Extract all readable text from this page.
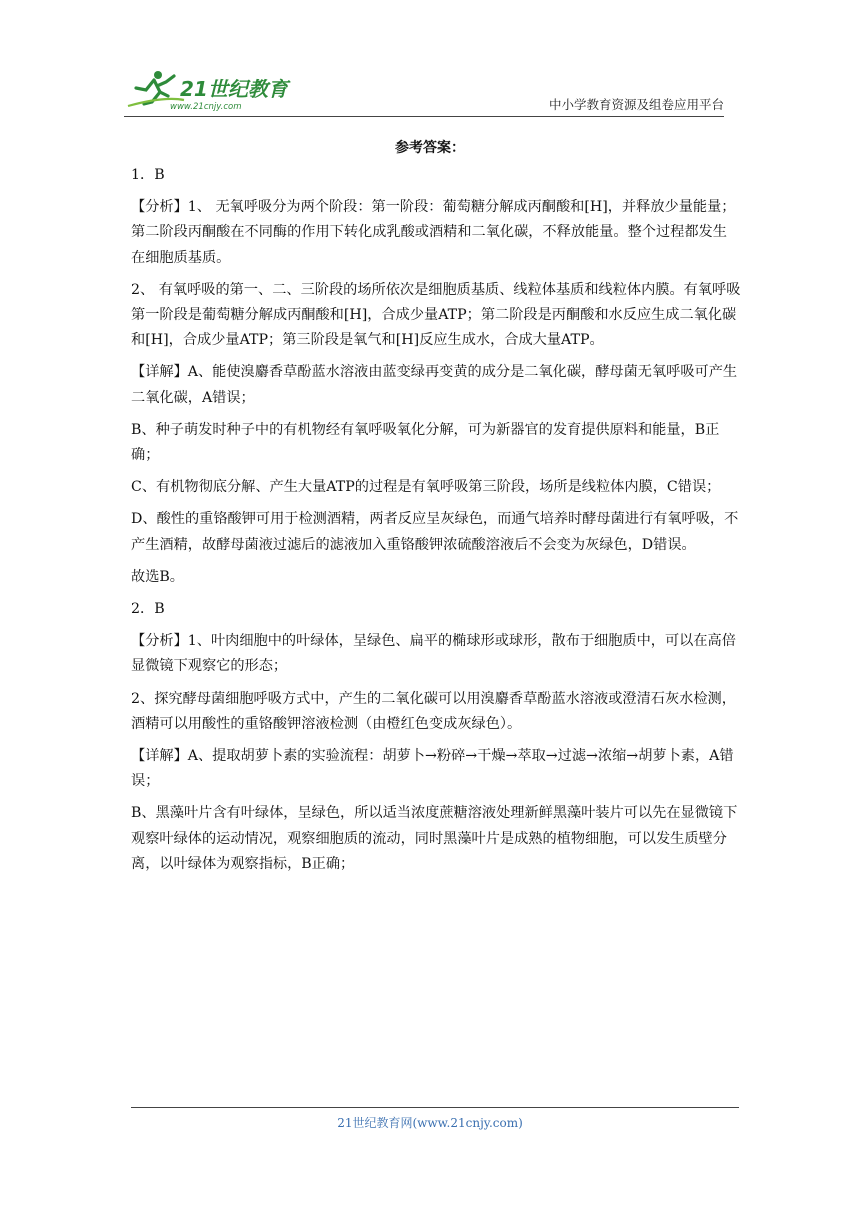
21世纪教育
www.21cnjy.com	中小学教育资源及组卷应用平台
参考答案：

1．B

【分析】1、 无氧呼吸分为两个阶段：第一阶段：葡萄糖分解成丙酮酸和[H]，并释放少量能量；第二阶段丙酮酸在不同酶的作用下转化成乳酸或酒精和二氧化碳，不释放能量。整个过程都发生在细胞质基质。

2、 有氧呼吸的第一、二、三阶段的场所依次是细胞质基质、线粒体基质和线粒体内膜。有氧呼吸第一阶段是葡萄糖分解成丙酮酸和[H]，合成少量ATP；第二阶段是丙酮酸和水反应生成二氧化碳和[H]，合成少量ATP；第三阶段是氧气和[H]反应生成水，合成大量ATP。

【详解】A、能使溴麝香草酚蓝水溶液由蓝变绿再变黄的成分是二氧化碳，酵母菌无氧呼吸可产生二氧化碳，A错误；

B、种子萌发时种子中的有机物经有氧呼吸氧化分解，可为新器官的发育提供原料和能量，B正确；

C、有机物彻底分解、产生大量ATP的过程是有氧呼吸第三阶段，场所是线粒体内膜，C错误；

D、酸性的重铬酸钾可用于检测酒精，两者反应呈灰绿色，而通气培养时酵母菌进行有氧呼吸，不产生酒精，故酵母菌液过滤后的滤液加入重铬酸钾浓硫酸溶液后不会变为灰绿色，D错误。

故选B。

2．B

【分析】1、叶肉细胞中的叶绿体，呈绿色、扁平的椭球形或球形，散布于细胞质中，可以在高倍显微镜下观察它的形态；

2、探究酵母菌细胞呼吸方式中，产生的二氧化碳可以用溴麝香草酚蓝水溶液或澄清石灰水检测，酒精可以用酸性的重铬酸钾溶液检测（由橙红色变成灰绿色）。

【详解】A、提取胡萝卜素的实验流程：胡萝卜→粉碎→干燥→萃取→过滤→浓缩→胡萝卜素，A错误；

B、黑藻叶片含有叶绿体，呈绿色，所以适当浓度蔗糖溶液处理新鲜黑藻叶装片可以先在显微镜下观察叶绿体的运动情况，观察细胞质的流动，同时黑藻叶片是成熟的植物细胞，可以发生质壁分离，以叶绿体为观察指标，B正确；

21世纪教育网(www.21cnjy.com)
